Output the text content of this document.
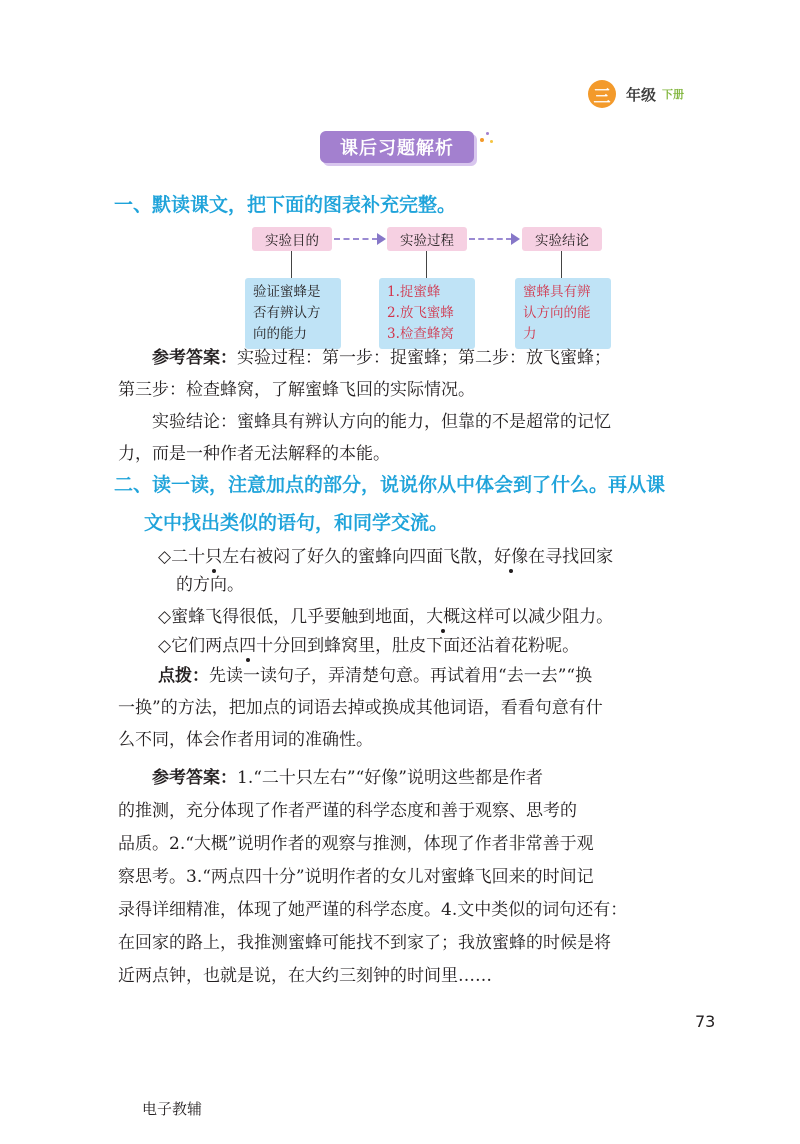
三	年级 下册
课后习题解析
一、默读课文，把下面的图表补充完整。
实验目的	实验过程	实验结论
验证蜜蜂是
否有辨认方
向的能力
1.捉蜜蜂
2.放飞蜜蜂
3.检查蜂窝
蜜蜂具有辨
认方向的能
力
参考答案：实验过程：第一步：捉蜜蜂；第二步：放飞蜜蜂；
第三步：检查蜂窝，了解蜜蜂飞回的实际情况。
实验结论：蜜蜂具有辨认方向的能力，但靠的不是超常的记忆
力，而是一种作者无法解释的本能。
二、读一读，注意加点的部分，说说你从中体会到了什么。再从课
文中找出类似的语句，和同学交流。
◇二十只左右被闷了好久的蜜蜂向四面飞散，好像在寻找回家
的方向。
◇蜜蜂飞得很低，几乎要触到地面，大概这样可以减少阻力。
◇它们两点四十分回到蜂窝里，肚皮下面还沾着花粉呢。
点拨：先读一读句子，弄清楚句意。再试着用“去一去”“换
一换”的方法，把加点的词语去掉或换成其他词语，看看句意有什
么不同，体会作者用词的准确性。
参考答案：1.“二十只左右”“好像”说明这些都是作者
的推测，充分体现了作者严谨的科学态度和善于观察、思考的
品质。2.“大概”说明作者的观察与推测，体现了作者非常善于观
察思考。3.“两点四十分”说明作者的女儿对蜜蜂飞回来的时间记
录得详细精准，体现了她严谨的科学态度。4.文中类似的词句还有：
在回家的路上，我推测蜜蜂可能找不到家了；我放蜜蜂的时候是将
近两点钟，也就是说，在大约三刻钟的时间里……
73
电子教辅
